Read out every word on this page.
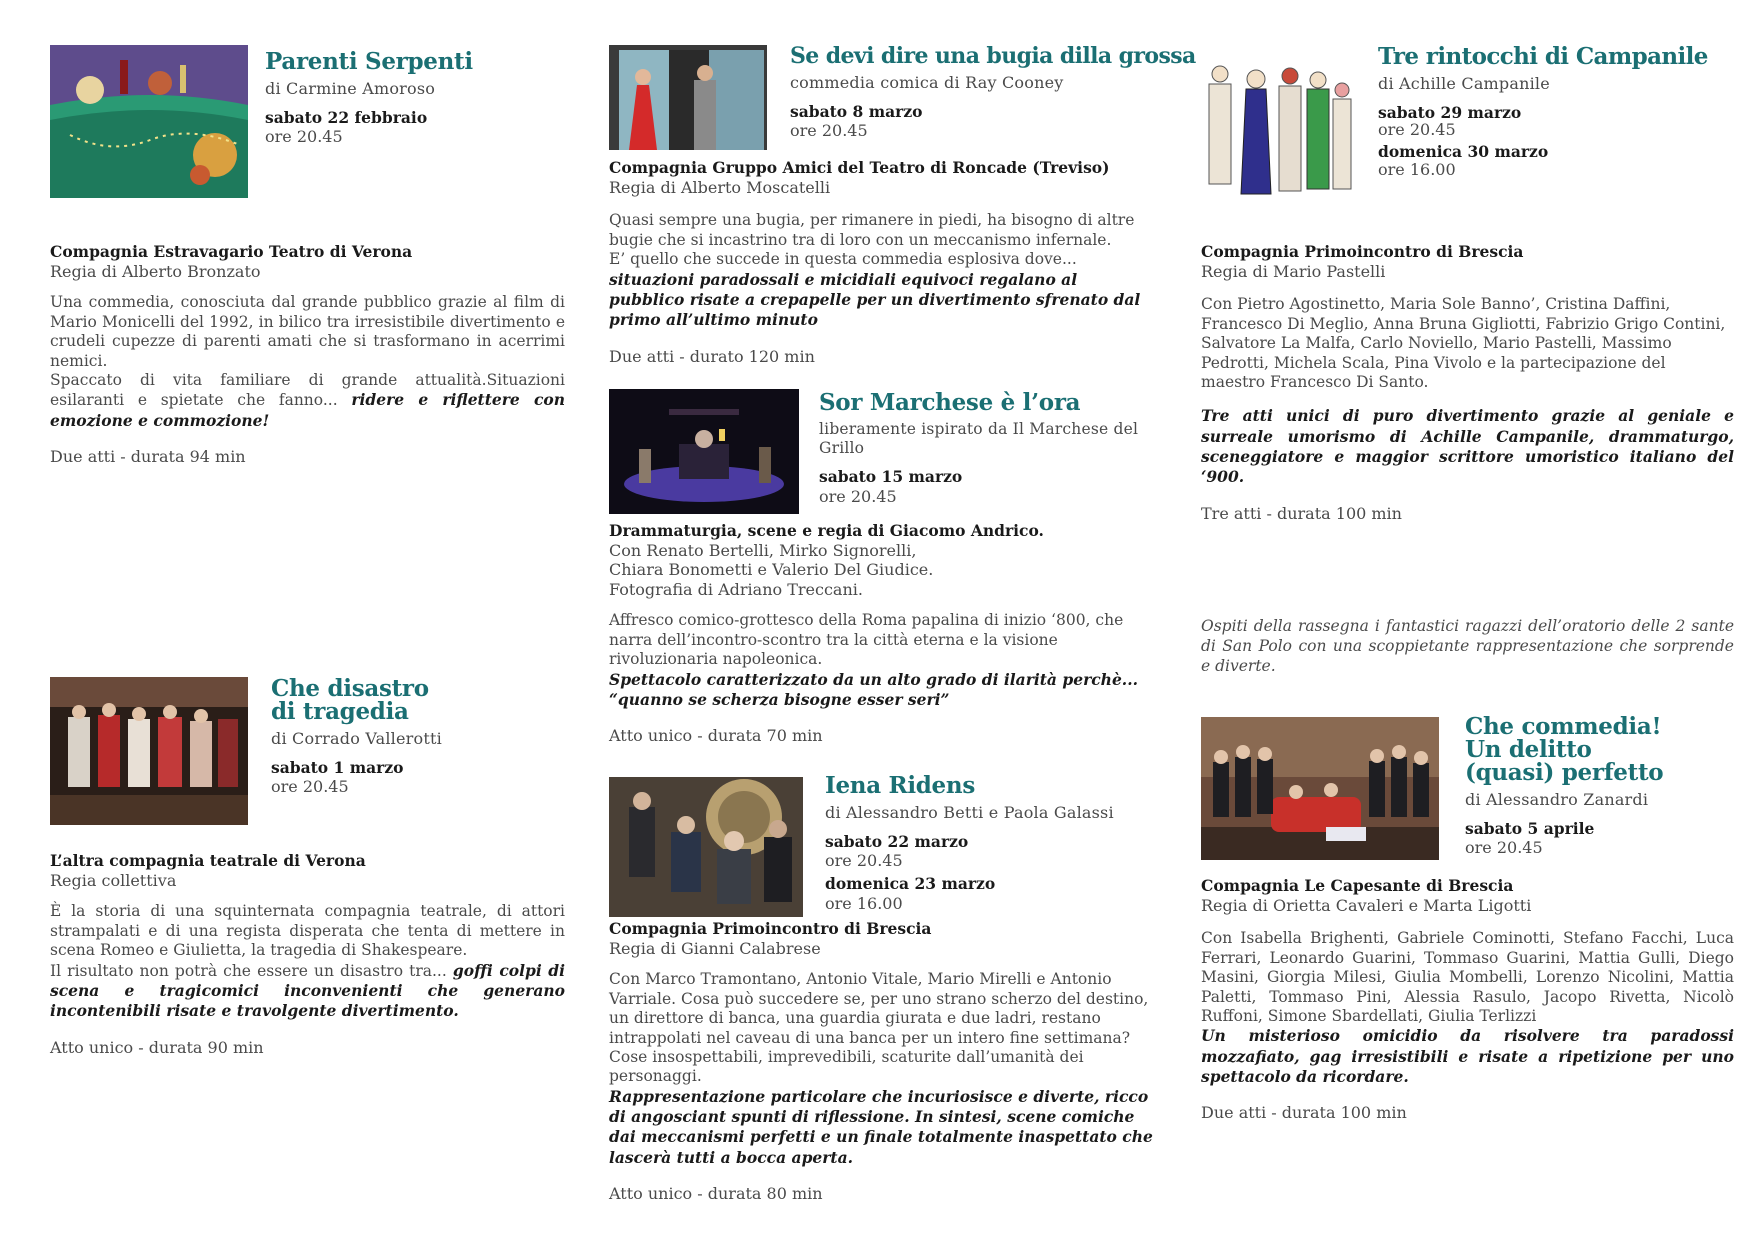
Parenti Serpenti
di Carmine Amoroso
sabato 22 febbraio
ore 20.45
Compagnia Estravagario Teatro di Verona
Regia di Alberto Bronzato
Una commedia, conosciuta dal grande pubblico grazie al film di Mario Monicelli del 1992, in bilico tra irresistibile divertimento e crudeli cupezze di parenti amati che si trasformano in acerrimi nemici.
Spaccato di vita familiare di grande attualità.Situazioni esilaranti e spietate che fanno... ridere e riflettere con emozione e commozione!
Due atti - durata 94 min
Che disastro
di tragedia
di Corrado Vallerotti
sabato 1 marzo
ore 20.45
L’altra compagnia teatrale di Verona
Regia collettiva
È la storia di una squinternata compagnia teatrale, di attori strampalati e di una regista disperata che tenta di mettere in scena Romeo e Giulietta, la tragedia di Shakespeare.
Il risultato non potrà che essere un disastro tra... goffi colpi di scena e tragicomici inconvenienti che generano incontenibili risate e travolgente divertimento.
Atto unico - durata 90 min
Se devi dire una bugia dilla grossa
commedia comica di Ray Cooney
sabato 8 marzo
ore 20.45
Compagnia Gruppo Amici del Teatro di Roncade (Treviso)
Regia di Alberto Moscatelli
Quasi sempre una bugia, per rimanere in piedi, ha bisogno di altre bugie che si incastrino tra di loro con un meccanismo infernale.
E’ quello che succede in questa commedia esplosiva dove...
situazioni paradossali e micidiali equivoci regalano al pubblico risate a crepapelle per un divertimento sfrenato dal primo all’ultimo minuto
Due atti - durato 120 min
Sor Marchese è l’ora
liberamente ispirato da Il Marchese del Grillo
sabato 15 marzo
ore 20.45
Drammaturgia, scene e regia di Giacomo Andrico.
Con Renato Bertelli, Mirko Signorelli,
Chiara Bonometti e Valerio Del Giudice.
Fotografia di Adriano Treccani.
Affresco comico-grottesco della Roma papalina di inizio ‘800, che narra dell’incontro-scontro tra la città eterna e la visione rivoluzionaria napoleonica.
Spettacolo caratterizzato da un alto grado di ilarità perchè... “quanno se scherza bisogne esser seri”
Atto unico - durata 70 min
Iena Ridens
di Alessandro Betti e Paola Galassi
sabato 22 marzo
ore 20.45
domenica 23 marzo
ore 16.00
Compagnia Primoincontro di Brescia
Regia di Gianni Calabrese
Con Marco Tramontano, Antonio Vitale, Mario Mirelli e Antonio Varriale. Cosa può succedere se, per uno strano scherzo del destino, un direttore di banca, una guardia giurata e due ladri, restano intrappolati nel caveau di una banca per un intero fine settimana?
Cose insospettabili, imprevedibili, scaturite dall’umanità dei personaggi.
Rappresentazione particolare che incuriosisce e diverte, ricco di angosciant spunti di riflessione. In sintesi, scene comiche dai meccanismi perfetti e un finale totalmente inaspettato che lascerà tutti a bocca aperta.
Atto unico - durata 80 min
Tre rintocchi di Campanile
di Achille Campanile
sabato 29 marzo
ore 20.45
domenica 30 marzo
ore 16.00
Compagnia Primoincontro di Brescia
Regia di Mario Pastelli
Con Pietro Agostinetto, Maria Sole Banno’, Cristina Daffini, Francesco Di Meglio, Anna Bruna Gigliotti, Fabrizio Grigo Contini, Salvatore La Malfa, Carlo Noviello, Mario Pastelli, Massimo Pedrotti, Michela Scala, Pina Vivolo e la partecipazione del maestro Francesco Di Santo.
Tre atti unici di puro divertimento grazie al geniale e surreale umorismo di Achille Campanile, drammaturgo, sceneggiatore e maggior scrittore umoristico italiano del ‘900.
Tre atti - durata 100 min
Ospiti della rassegna i fantastici ragazzi dell’oratorio delle 2 sante di San Polo con una scoppietante rappresentazione che sorprende e diverte.
Che commedia!
Un delitto
(quasi) perfetto
di Alessandro Zanardi
sabato 5 aprile
ore 20.45
Compagnia Le Capesante di Brescia
Regia di Orietta Cavaleri e Marta Ligotti
Con Isabella Brighenti, Gabriele Cominotti, Stefano Facchi, Luca Ferrari, Leonardo Guarini, Tommaso Guarini, Mattia Gulli, Diego Masini, Giorgia Milesi, Giulia Mombelli, Lorenzo Nicolini, Mattia Paletti, Tommaso Pini, Alessia Rasulo, Jacopo Rivetta, Nicolò Ruffoni, Simone Sbardellati, Giulia Terlizzi
Un misterioso omicidio da risolvere tra paradossi mozzafiato, gag irresistibili e risate a ripetizione per uno spettacolo da ricordare.
Due atti - durata 100 min
